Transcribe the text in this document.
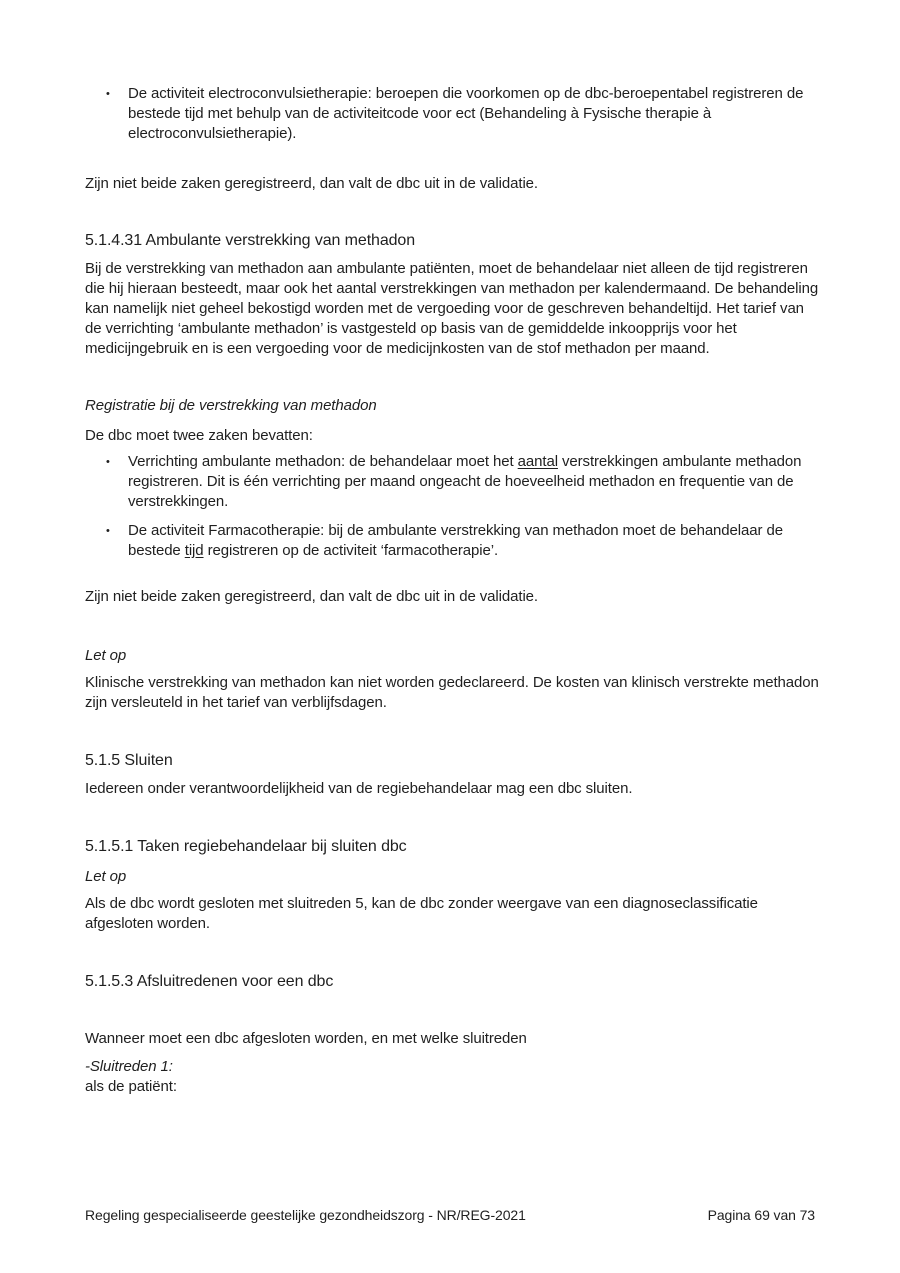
•	De activiteit electroconvulsietherapie: beroepen die voorkomen op de dbc-beroepentabel registreren de bestede tijd met behulp van de activiteitcode voor ect (Behandeling à Fysische therapie à electroconvulsietherapie).
Zijn niet beide zaken geregistreerd, dan valt de dbc uit in de validatie.
5.1.4.31 Ambulante verstrekking van methadon
Bij de verstrekking van methadon aan ambulante patiënten, moet de behandelaar niet alleen de tijd registreren die hij hieraan besteedt, maar ook het aantal verstrekkingen van methadon per kalendermaand. De behandeling kan namelijk niet geheel bekostigd worden met de vergoeding voor de geschreven behandeltijd. Het tarief van de verrichting ‘ambulante methadon’ is vastgesteld op basis van de gemiddelde inkoopprijs voor het medicijngebruik en is een vergoeding voor de medicijnkosten van de stof methadon per maand.
Registratie bij de verstrekking van methadon
De dbc moet twee zaken bevatten:
•	Verrichting ambulante methadon: de behandelaar moet het aantal verstrekkingen ambulante methadon registreren. Dit is één verrichting per maand ongeacht de hoeveelheid methadon en frequentie van de verstrekkingen.
•	De activiteit Farmacotherapie: bij de ambulante verstrekking van methadon moet de behandelaar de bestede tijd registreren op de activiteit ‘farmacotherapie’.
Zijn niet beide zaken geregistreerd, dan valt de dbc uit in de validatie.
Let op
Klinische verstrekking van methadon kan niet worden gedeclareerd. De kosten van klinisch verstrekte methadon zijn versleuteld in het tarief van verblijfsdagen.
5.1.5 Sluiten
Iedereen onder verantwoordelijkheid van de regiebehandelaar mag een dbc sluiten.
5.1.5.1 Taken regiebehandelaar bij sluiten dbc
Let op
Als de dbc wordt gesloten met sluitreden 5, kan de dbc zonder weergave van een diagnoseclassificatie afgesloten worden.
5.1.5.3 Afsluitredenen voor een dbc
Wanneer moet een dbc afgesloten worden, en met welke sluitreden
-Sluitreden 1:
als de patiënt:
Regeling gespecialiseerde geestelijke gezondheidszorg - NR/REG-2021	Pagina 69 van 73
